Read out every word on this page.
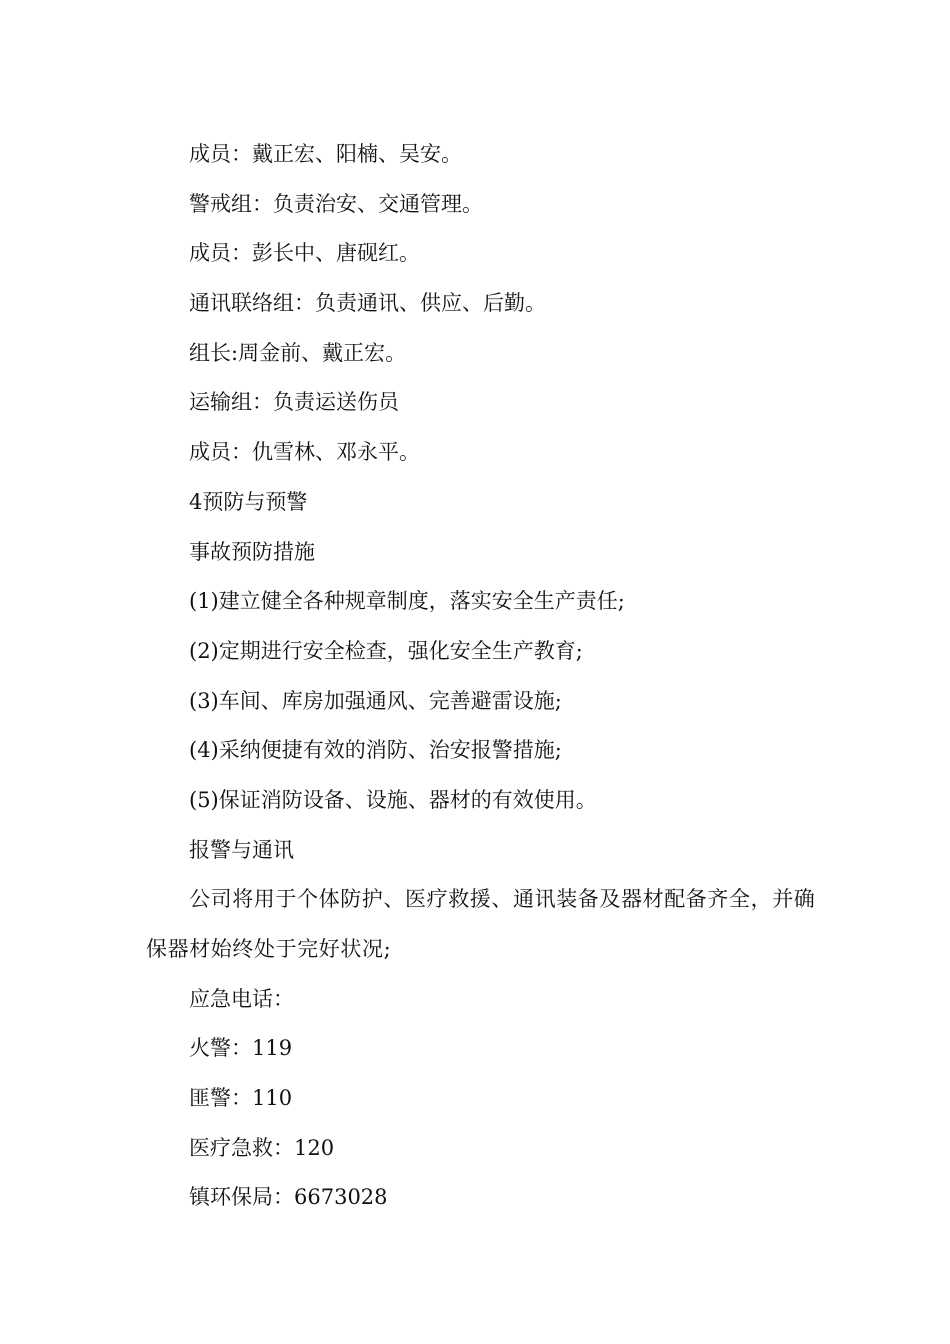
成员：戴正宏、阳楠、吴安。

警戒组：负责治安、交通管理。

成员：彭长中、唐砚红。

通讯联络组：负责通讯、供应、后勤。

组长:周金前、戴正宏。

运输组：负责运送伤员

成员：仇雪林、邓永平。

4预防与预警

事故预防措施

(1)建立健全各种规章制度，落实安全生产责任;

(2)定期进行安全检查，强化安全生产教育;

(3)车间、库房加强通风、完善避雷设施;

(4)采纳便捷有效的消防、治安报警措施;

(5)保证消防设备、设施、器材的有效使用。

报警与通讯

公司将用于个体防护、医疗救援、通讯装备及器材配备齐全，并确保器材始终处于完好状况;

应急电话：

火警：119

匪警：110

医疗急救：120

镇环保局：6673028
